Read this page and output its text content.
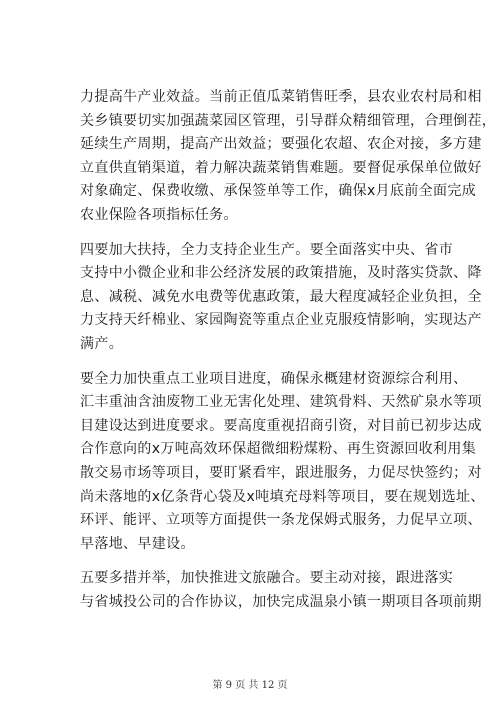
力提高牛产业效益。当前正值瓜菜销售旺季，县农业农村局和相
关乡镇要切实加强蔬菜园区管理，引导群众精细管理，合理倒茬，
延续生产周期，提高产出效益；要强化农超、农企对接，多方建
立直供直销渠道，着力解决蔬菜销售难题。要督促承保单位做好
对象确定、保费收缴、承保签单等工作，确保x月底前全面完成
农业保险各项指标任务。
四要加大扶持，全力支持企业生产。要全面落实中央、省市
支持中小微企业和非公经济发展的政策措施，及时落实贷款、降
息、减税、减免水电费等优惠政策，最大程度减轻企业负担，全
力支持天纤棉业、家园陶瓷等重点企业克服疫情影响，实现达产
满产。
要全力加快重点工业项目进度，确保永概建材资源综合利用、
汇丰重油含油废物工业无害化处理、建筑骨料、天然矿泉水等项
目建设达到进度要求。要高度重视招商引资，对目前已初步达成
合作意向的x万吨高效环保超微细粉煤粉、再生资源回收利用集
散交易市场等项目，要盯紧看牢，跟进服务，力促尽快签约；对
尚未落地的x亿条背心袋及x吨填充母料等项目，要在规划选址、
环评、能评、立项等方面提供一条龙保姆式服务，力促早立项、
早落地、早建设。
五要多措并举，加快推进文旅融合。要主动对接，跟进落实
与省城投公司的合作协议，加快完成温泉小镇一期项目各项前期
第 9 页 共 12 页
